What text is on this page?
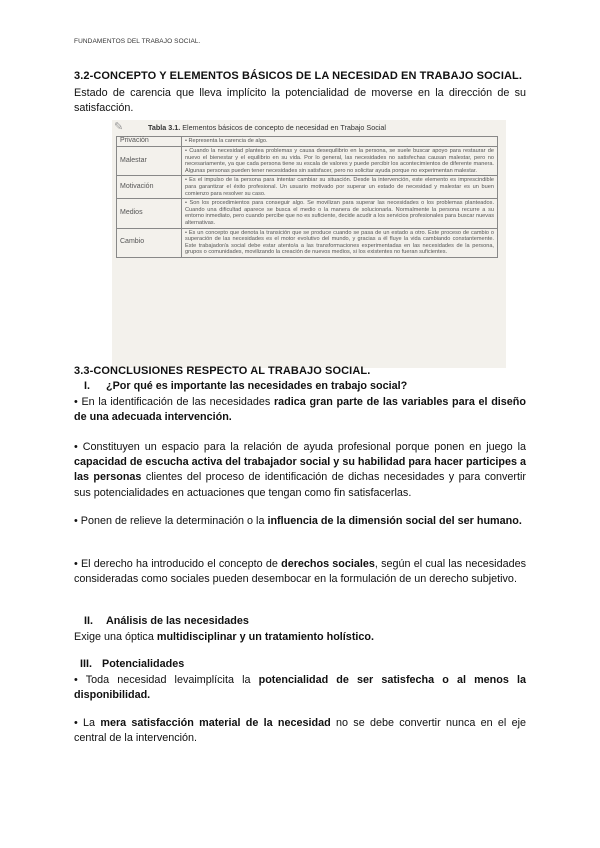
FUNDAMENTOS DEL TRABAJO SOCIAL.
3.2-CONCEPTO Y ELEMENTOS BÁSICOS DE LA NECESIDAD EN TRABAJO SOCIAL.
Estado de carencia que lleva implícito la potencialidad de moverse en la dirección de su satisfacción.
✎	Tabla 3.1. Elementos básicos de concepto de necesidad en Trabajo Social
Privación	• Representa la carencia de algo.
Malestar	• Cuando la necesidad plantea problemas y causa desequilibrio en la persona, se suele buscar apoyo para restaurar de nuevo el bienestar y el equilibrio en su vida. Por lo general, las necesidades no satisfechas causan malestar, pero no necesariamente, ya que cada persona tiene su escala de valores y puede percibir los acontecimientos de diferente manera. Algunas personas pueden tener necesidades sin satisfacer, pero no solicitar ayuda porque no experimentan malestar.
Motivación	• Es el impulso de la persona para intentar cambiar su situación. Desde la intervención, este elemento es imprescindible para garantizar el éxito profesional. Un usuario motivado por superar un estado de necesidad y malestar es un buen comienzo para resolver su caso.
Medios	• Son los procedimientos para conseguir algo. Se movilizan para superar las necesidades o los problemas planteados. Cuando una dificultad aparece se busca el medio o la manera de solucionarla. Normalmente la persona recurre a su entorno inmediato, pero cuando percibe que no es suficiente, decide acudir a los servicios profesionales para buscar nuevas alternativas.
Cambio	• Es un concepto que denota la transición que se produce cuando se pasa de un estado a otro. Este proceso de cambio o superación de las necesidades es el motor evolutivo del mundo, y gracias a él fluye la vida cambiando constantemente. Este trabajador/a social debe estar atento/a a las transformaciones experimentadas en las necesidades de la persona, grupos o comunidades, movilizando la creación de nuevos medios, si los existentes no fueran suficientes.
3.3-CONCLUSIONES RESPECTO AL TRABAJO SOCIAL.
I. ¿Por qué es importante las necesidades en trabajo social?
• En la identificación de las necesidades radica gran parte de las variables para el diseño de una adecuada intervención.
• Constituyen un espacio para la relación de ayuda profesional porque ponen en juego la capacidad de escucha activa del trabajador social y su habilidad para hacer participes a las personas clientes del proceso de identificación de dichas necesidades y para convertir sus potencialidades en actuaciones que tengan como fin satisfacerlas.
• Ponen de relieve la determinación o la influencia de la dimensión social del ser humano.
• El derecho ha introducido el concepto de derechos sociales, según el cual las necesidades consideradas como sociales pueden desembocar en la formulación de un derecho subjetivo.
II. Análisis de las necesidades
Exige una óptica multidisciplinar y un tratamiento holístico.
III. Potencialidades
• Toda necesidad levaimplícita la potencialidad de ser satisfecha o al menos la disponibilidad.
• La mera satisfacción material de la necesidad no se debe convertir nunca en el eje central de la intervención.
